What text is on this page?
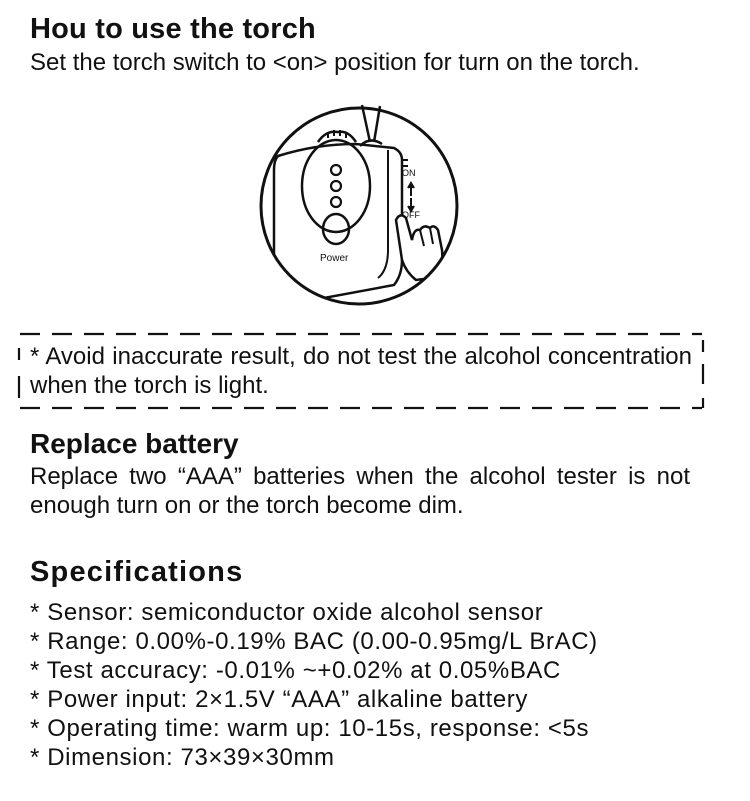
Hou to use the torch

Set the torch switch to <on> position for turn on the torch.

ON
OFF
Power

* Avoid inaccurate result, do not test the alcohol concentration when the torch is light.

Replace battery

Replace two “AAA” batteries when the alcohol tester is not enough turn on or the torch become dim.

Specifications
* Sensor: semiconductor oxide alcohol sensor
* Range: 0.00%-0.19% BAC (0.00-0.95mg/L BrAC)
* Test accuracy: -0.01% ~+0.02% at 0.05%BAC
* Power input: 2×1.5V “AAA” alkaline battery
* Operating time: warm up: 10-15s, response: <5s
* Dimension: 73×39×30mm
